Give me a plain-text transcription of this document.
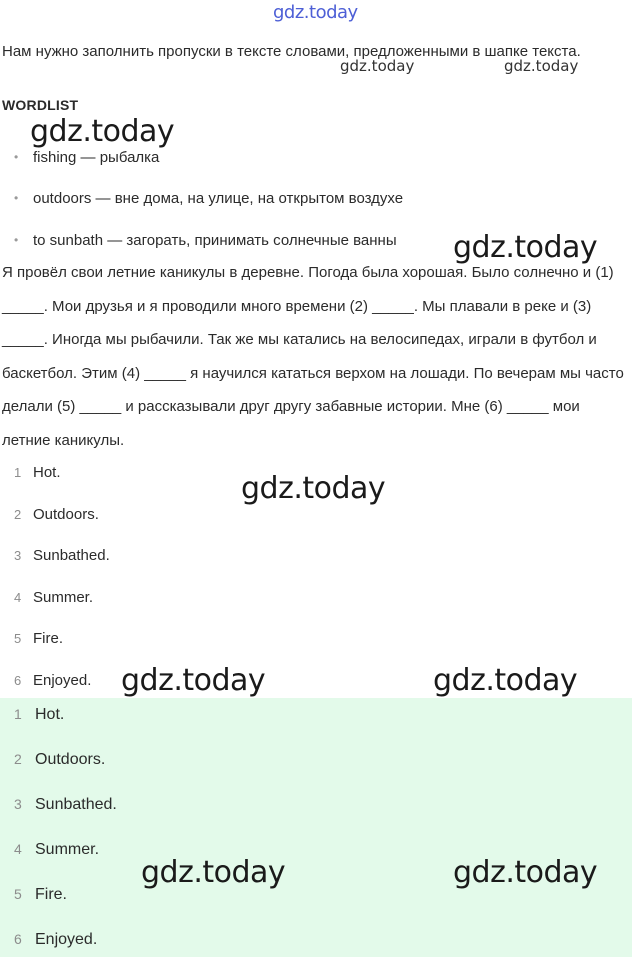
gdz.today
Нам нужно заполнить пропуски в тексте словами, предложенными в шапке текста.
WORDLIST
• fishing — рыбалка
• outdoors — вне дома, на улице, на открытом воздухе
• to sunbath — загорать, принимать солнечные ванны
Я провёл свои летние каникулы в деревне. Погода была хорошая. Было солнечно и (1) _____. Мои друзья и я проводили много времени (2) _____. Мы плавали в реке и (3) _____. Иногда мы рыбачили. Так же мы катались на велосипедах, играли в футбол и баскетбол. Этим (4) _____ я научился кататься верхом на лошади. По вечерам мы часто делали (5) _____ и рассказывали друг другу забавные истории. Мне (6) _____ мои летние каникулы.
1 Hot.
2 Outdoors.
3 Sunbathed.
4 Summer.
5 Fire.
6 Enjoyed.
1 Hot.
2 Outdoors.
3 Sunbathed.
4 Summer.
5 Fire.
6 Enjoyed.
gdz.today	gdz.today
gdz.today
gdz.today
gdz.today
gdz.today	gdz.today
gdz.today	gdz.today
